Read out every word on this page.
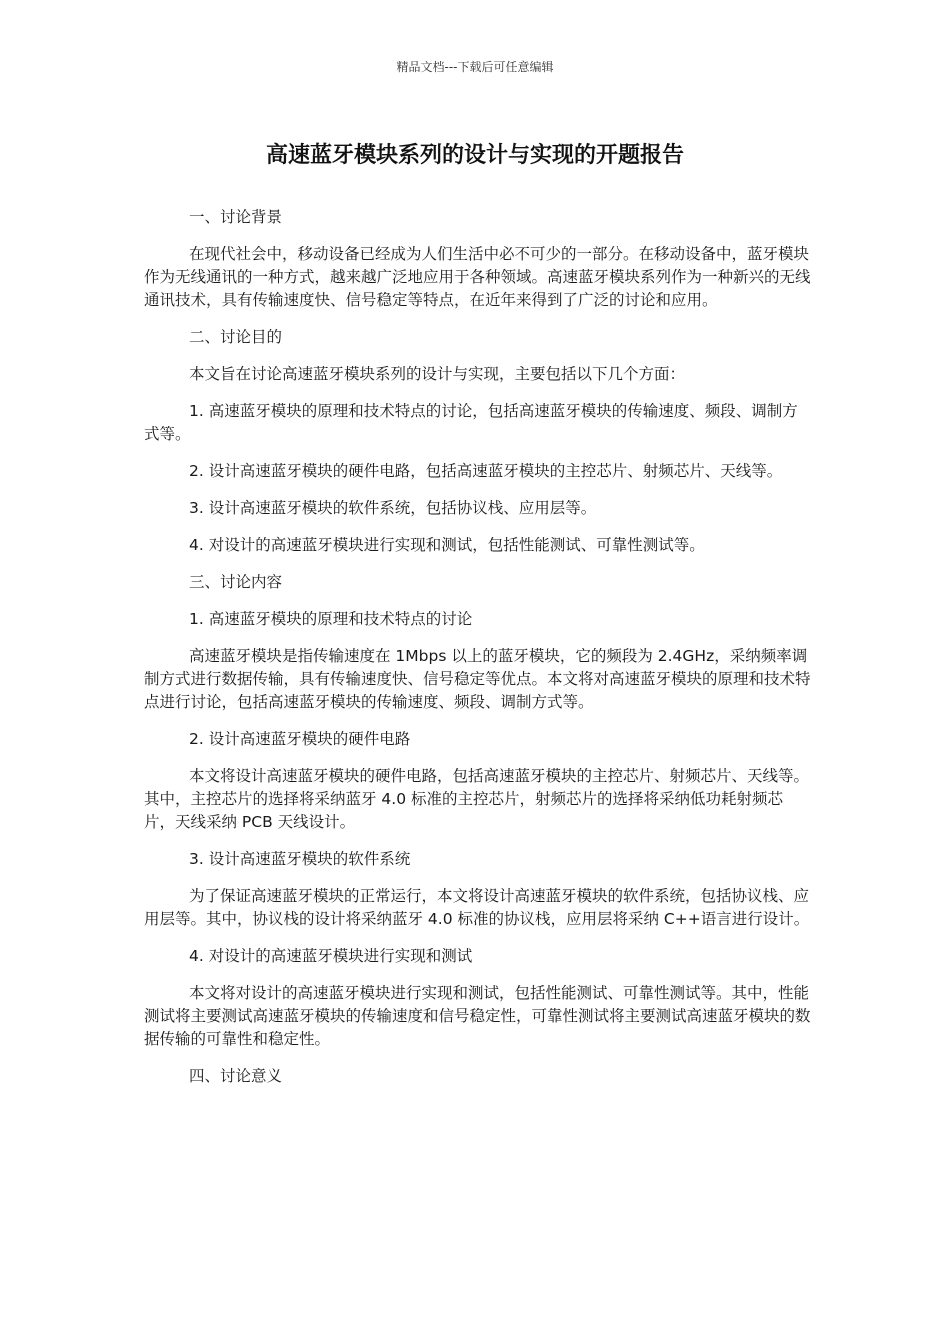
精品文档---下载后可任意编辑
高速蓝牙模块系列的设计与实现的开题报告

一、讨论背景

在现代社会中，移动设备已经成为人们生活中必不可少的一部分。在移动设备中，蓝牙模块作为无线通讯的一种方式，越来越广泛地应用于各种领域。高速蓝牙模块系列作为一种新兴的无线通讯技术，具有传输速度快、信号稳定等特点，在近年来得到了广泛的讨论和应用。

二、讨论目的

本文旨在讨论高速蓝牙模块系列的设计与实现，主要包括以下几个方面：

1. 高速蓝牙模块的原理和技术特点的讨论，包括高速蓝牙模块的传输速度、频段、调制方式等。

2. 设计高速蓝牙模块的硬件电路，包括高速蓝牙模块的主控芯片、射频芯片、天线等。

3. 设计高速蓝牙模块的软件系统，包括协议栈、应用层等。

4. 对设计的高速蓝牙模块进行实现和测试，包括性能测试、可靠性测试等。

三、讨论内容

1. 高速蓝牙模块的原理和技术特点的讨论

高速蓝牙模块是指传输速度在 1Mbps 以上的蓝牙模块，它的频段为 2.4GHz，采纳频率调制方式进行数据传输，具有传输速度快、信号稳定等优点。本文将对高速蓝牙模块的原理和技术特点进行讨论，包括高速蓝牙模块的传输速度、频段、调制方式等。

2. 设计高速蓝牙模块的硬件电路

本文将设计高速蓝牙模块的硬件电路，包括高速蓝牙模块的主控芯片、射频芯片、天线等。其中，主控芯片的选择将采纳蓝牙 4.0 标准的主控芯片，射频芯片的选择将采纳低功耗射频芯片，天线采纳 PCB 天线设计。

3. 设计高速蓝牙模块的软件系统

为了保证高速蓝牙模块的正常运行，本文将设计高速蓝牙模块的软件系统，包括协议栈、应用层等。其中，协议栈的设计将采纳蓝牙 4.0 标准的协议栈，应用层将采纳 C++语言进行设计。

4. 对设计的高速蓝牙模块进行实现和测试

本文将对设计的高速蓝牙模块进行实现和测试，包括性能测试、可靠性测试等。其中，性能测试将主要测试高速蓝牙模块的传输速度和信号稳定性，可靠性测试将主要测试高速蓝牙模块的数据传输的可靠性和稳定性。

四、讨论意义
